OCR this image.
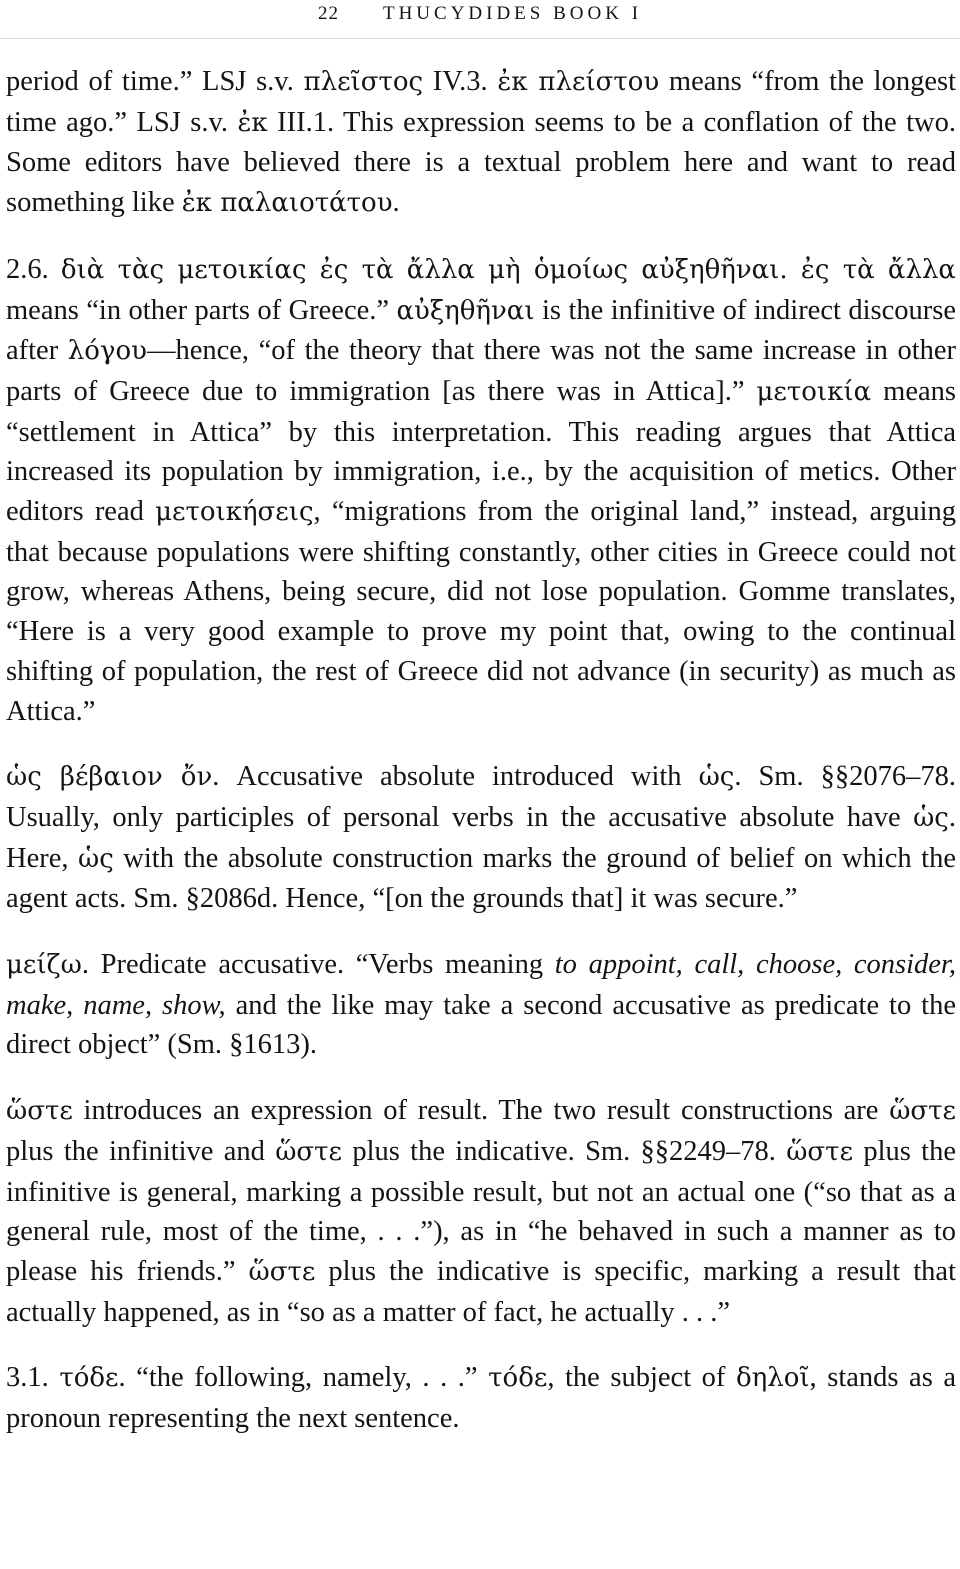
22 THUCYDIDES BOOK I

period of time.” LSJ s.v. πλεῖστος IV.3. ἐκ πλείστου means “from the longest time ago.” LSJ s.v. ἐκ III.1. This expression seems to be a conflation of the two. Some editors have believed there is a textual problem here and want to read something like ἐκ παλαιοτάτου.

2.6. διὰ τὰς μετοικίας ἐς τὰ ἄλλα μὴ ὁμοίως αὐξηθῆναι. ἐς τὰ ἄλλα means “in other parts of Greece.” αὐξηθῆναι is the infinitive of indirect discourse after λόγου—hence, “of the theory that there was not the same increase in other parts of Greece due to immigration [as there was in Attica].” μετοικία means “settlement in Attica” by this interpretation. This reading argues that Attica increased its population by immigration, i.e., by the acquisition of metics. Other editors read μετοικήσεις, “migrations from the original land,” instead, arguing that because populations were shifting constantly, other cities in Greece could not grow, whereas Athens, being secure, did not lose population. Gomme translates, “Here is a very good example to prove my point that, owing to the continual shifting of population, the rest of Greece did not advance (in security) as much as Attica.”

ὡς βέβαιον ὄν. Accusative absolute introduced with ὡς. Sm. §§2076–78. Usually, only participles of personal verbs in the accusative absolute have ὡς. Here, ὡς with the absolute construction marks the ground of belief on which the agent acts. Sm. §2086d. Hence, “[on the grounds that] it was secure.”

μείζω. Predicate accusative. “Verbs meaning to appoint, call, choose, consider, make, name, show, and the like may take a second accusative as predicate to the direct object” (Sm. §1613).

ὥστε introduces an expression of result. The two result constructions are ὥστε plus the infinitive and ὥστε plus the indicative. Sm. §§2249–78. ὥστε plus the infinitive is general, marking a possible result, but not an actual one (“so that as a general rule, most of the time, . . .”), as in “he behaved in such a manner as to please his friends.” ὥστε plus the indicative is specific, marking a result that actually happened, as in “so as a matter of fact, he actually . . .”

3.1. τόδε. “the following, namely, . . .” τόδε, the subject of δηλοῖ, stands as a pronoun representing the next sentence.
